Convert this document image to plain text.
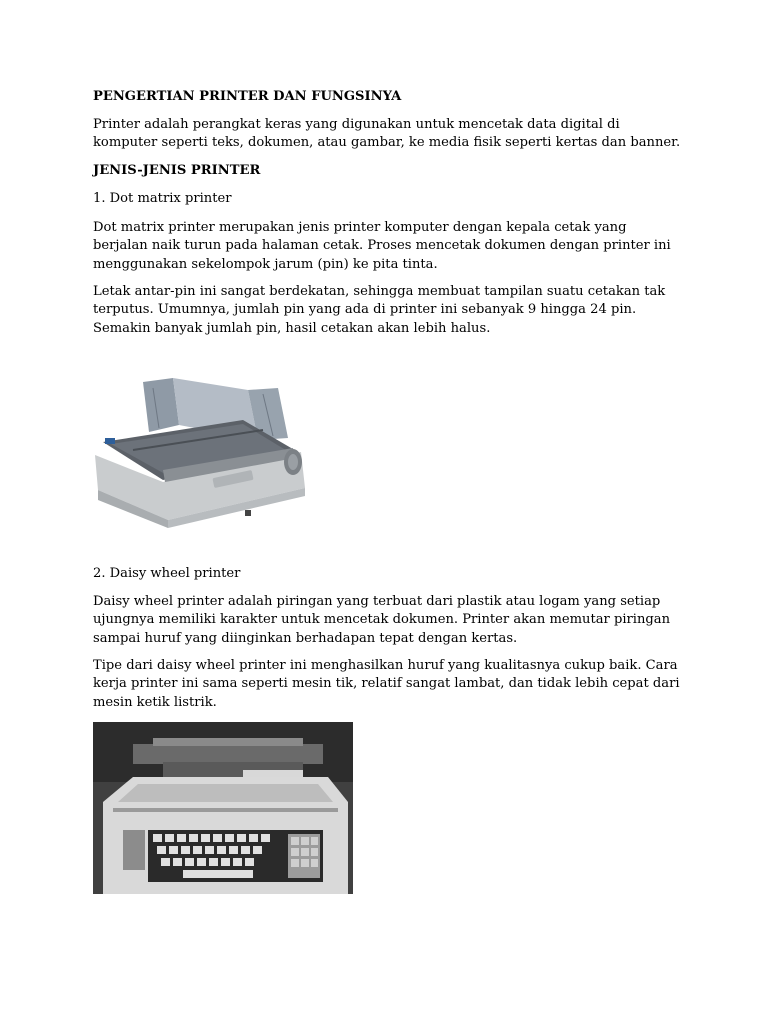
PENGERTIAN PRINTER DAN FUNGSINYA

Printer adalah perangkat keras yang digunakan untuk mencetak data digital di komputer seperti teks, dokumen, atau gambar, ke media fisik seperti kertas dan banner.

JENIS-JENIS PRINTER

1. Dot matrix printer

Dot matrix printer merupakan jenis printer komputer dengan kepala cetak yang berjalan naik turun pada halaman cetak. Proses mencetak dokumen dengan printer ini menggunakan sekelompok jarum (pin) ke pita tinta.

Letak antar-pin ini sangat berdekatan, sehingga membuat tampilan suatu cetakan tak terputus. Umumnya, jumlah pin yang ada di printer ini sebanyak 9 hingga 24 pin. Semakin banyak jumlah pin, hasil cetakan akan lebih halus.

2. Daisy wheel printer

Daisy wheel printer adalah piringan yang terbuat dari plastik atau logam yang setiap ujungnya memiliki karakter untuk mencetak dokumen. Printer akan memutar piringan sampai huruf yang diinginkan berhadapan tepat dengan kertas.

Tipe dari daisy wheel printer ini menghasilkan huruf yang kualitasnya cukup baik. Cara kerja printer ini sama seperti mesin tik, relatif sangat lambat, dan tidak lebih cepat dari mesin ketik listrik.
